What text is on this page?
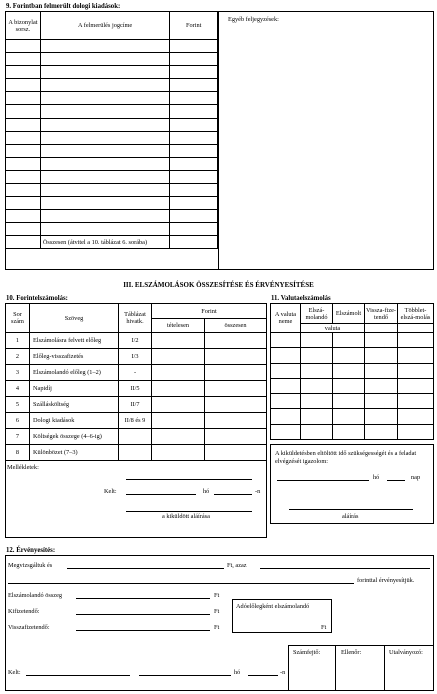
9. Forintban felmerült dologi kiadások:
Egyéb feljegyzések:
A bizonylat sorsz.	A felmerülés jogcíme	Forint

	Összesen (átvitel a 10. táblázat 6. sorába)	
III. ELSZÁMOLÁSOK ÖSSZESÍTÉSE ÉS ÉRVÉNYESÍTÉSE
10. Forintelszámolás:
Sor szám	Szöveg	Táblázat hivatk.	Forint	
			tételesen	összesen
1	Elszámolásra felvett előleg	I/2		
2	Előleg-visszafizetés	I/3		
3	Elszámolandó előleg (1–2)	-		
4	Napidíj	II/5		
5	Szállásköltség	II/7		
6	Dologi kiadások	II/8 és 9		
7	Költségek összege (4–6-ig)			
8	Különbözet (7–3)			
Mellékletek:
Kelt:	hó	-n
a kiküldött aláírása
11. Valutaelszámolás
A valuta neme	Elszá-molandó	Elszámolt	Vissza-fize-tendő	Többlet-elszá-molás
	valuta			

A kiküldetésben eltöltött idő szükségességét és a feladat elvégzését igazolom:
hó	nap
aláírás
12. Érvényesítés:
Megvizsgáltuk és	Ft, azaz
forinttal érvényesítjük.
Elszámolandó összeg	Ft
Kifizetendő:	Ft
Visszafizetendő:	Ft
Adóelőlegként elszámolandó
Ft
Kelt:	hó	-n
Számfejtő:	Ellenőr:	Utalványozó:
